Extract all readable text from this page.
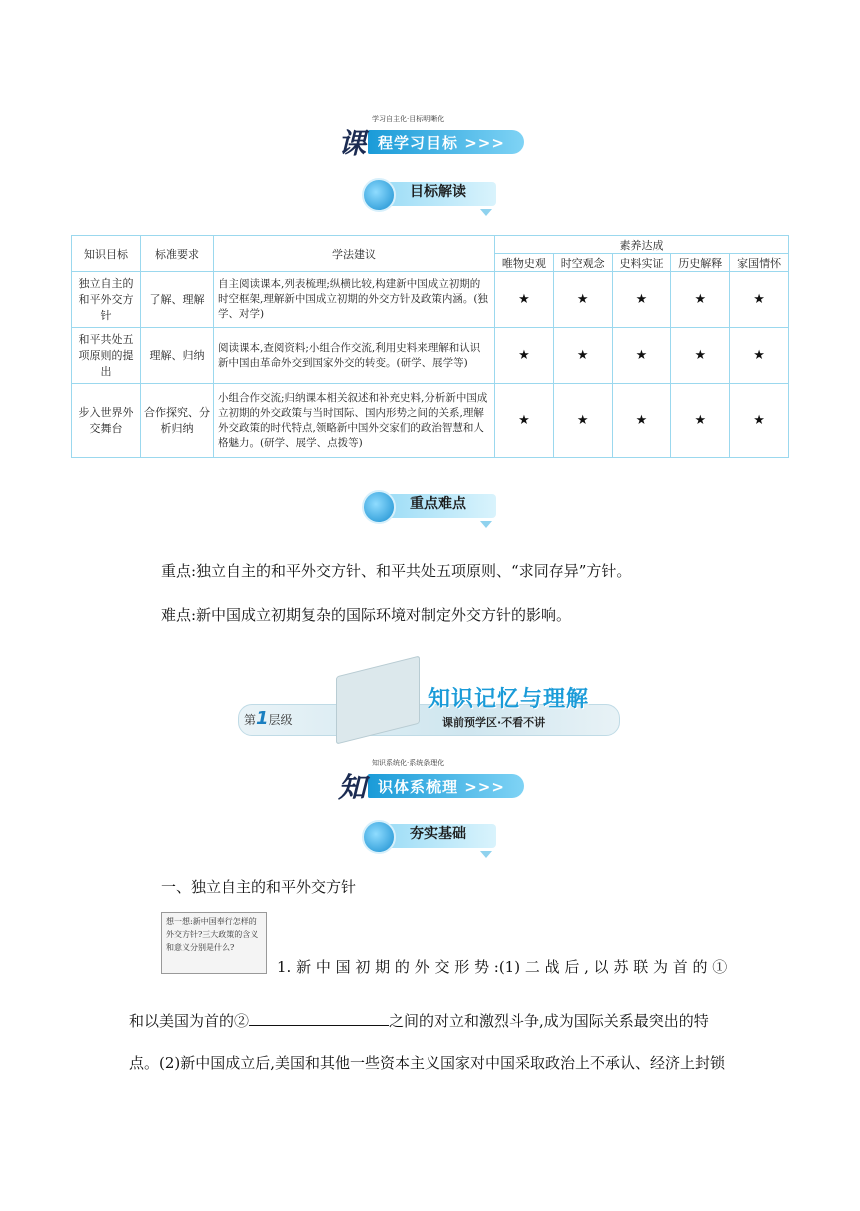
学习自主化·目标明晰化
程学习目标 >>>
课
目标解读
知识目标	标准要求	学法建议	素养达成				
			唯物史观	时空观念	史料实证	历史解释	家国情怀
独立自主的和平外交方针	了解、理解	自主阅读课本,列表梳理;纵横比较,构建新中国成立初期的时空框架,理解新中国成立初期的外交方针及政策内涵。(独学、对学)	★	★	★	★	★
和平共处五项原则的提出	理解、归纳	阅读课本,查阅资料;小组合作交流,利用史料来理解和认识新中国由革命外交到国家外交的转变。(研学、展学等)	★	★	★	★	★
步入世界外交舞台	合作探究、分析归纳	小组合作交流;归纳课本相关叙述和补充史料,分析新中国成立初期的外交政策与当时国际、国内形势之间的关系,理解外交政策的时代特点,领略新中国外交家们的政治智慧和人格魅力。(研学、展学、点拨等)	★	★	★	★	★
重点难点
重点:独立自主的和平外交方针、和平共处五项原则、“求同存异”方针。
难点:新中国成立初期复杂的国际环境对制定外交方针的影响。
第1层级
知识记忆与理解
课前预学区·不看不讲
知识系统化·系统条理化
识体系梳理 >>>
知
夯实基础
一、独立自主的和平外交方针
想一想:新中国奉行怎样的外交方针?三大政策的含义和意义分别是什么?
1. 新 中 国 初 期 的 外 交 形 势 :(1) 二 战 后 , 以 苏 联 为 首 的 ①
和以美国为首的②	之间的对立和激烈斗争,成为国际关系最突出的特
点。(2)新中国成立后,美国和其他一些资本主义国家对中国采取政治上不承认、经济上封锁
